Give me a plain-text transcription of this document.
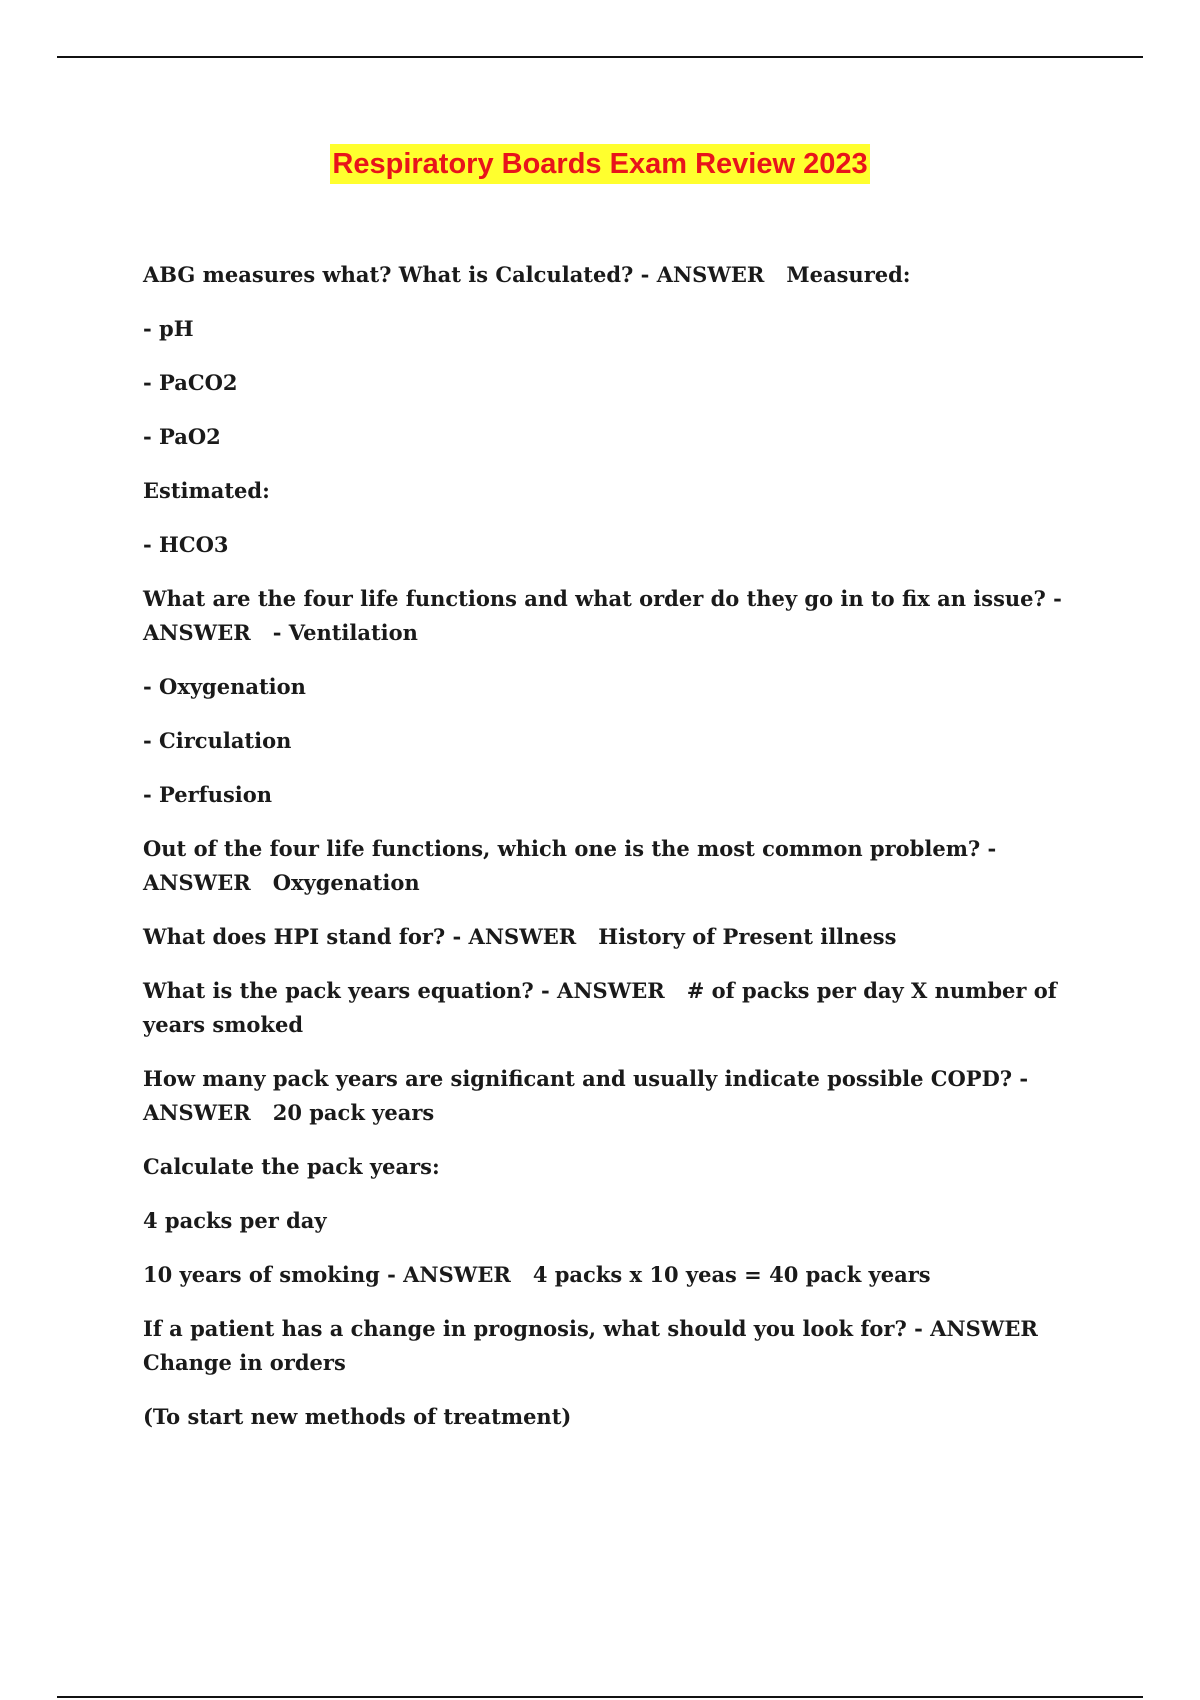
Respiratory Boards Exam Review 2023
ABG measures what? What is Calculated? - ANSWER Measured:
- pH
- PaCO2
- PaO2
Estimated:
- HCO3
What are the four life functions and what order do they go in to fix an issue? - ANSWER - Ventilation
- Oxygenation
- Circulation
- Perfusion
Out of the four life functions, which one is the most common problem? - ANSWER Oxygenation
What does HPI stand for? - ANSWER History of Present illness
What is the pack years equation? - ANSWER # of packs per day X number of years smoked
How many pack years are significant and usually indicate possible COPD? - ANSWER 20 pack years
Calculate the pack years:
4 packs per day
10 years of smoking - ANSWER 4 packs x 10 yeas = 40 pack years
If a patient has a change in prognosis, what should you look for? - ANSWERChange in orders
(To start new methods of treatment)
